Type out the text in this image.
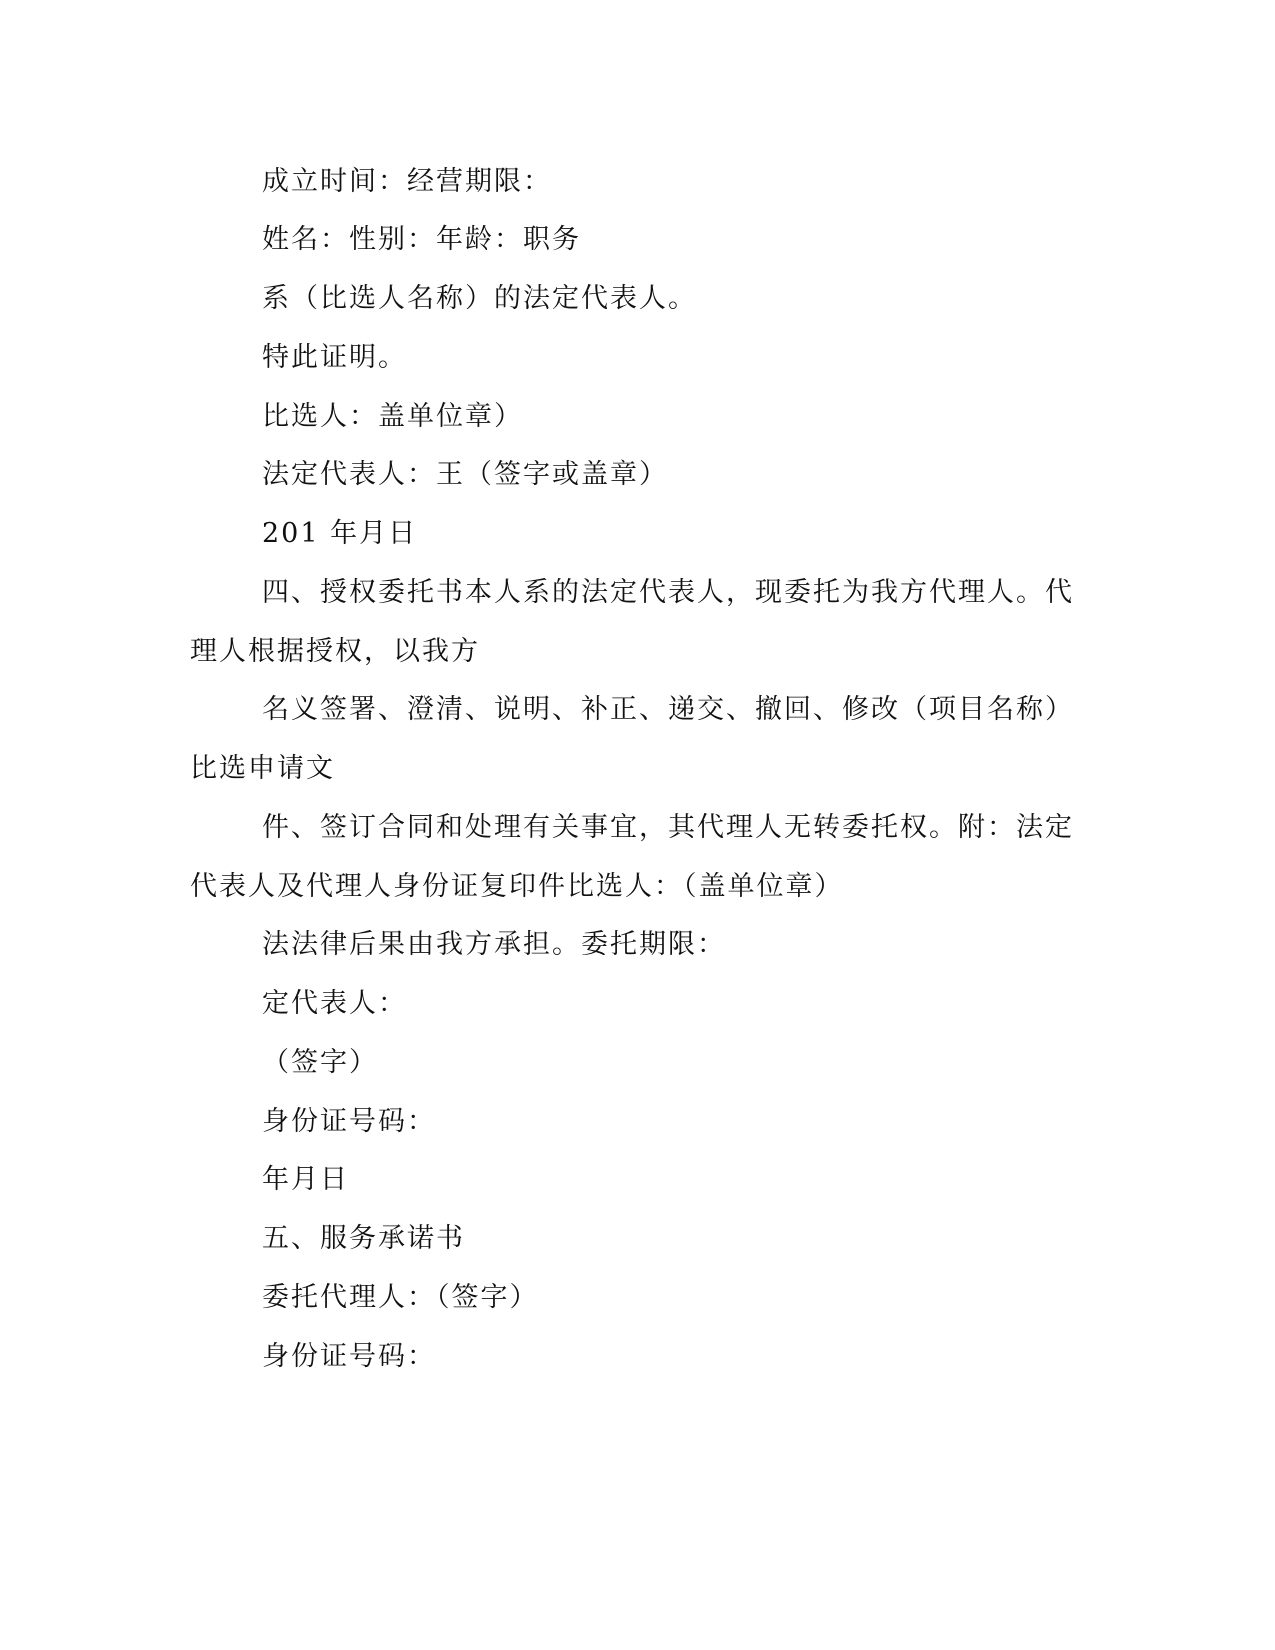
成立时间：经营期限：
姓名：性别：年龄：职务
系（比选人名称）的法定代表人。
特此证明。
比选人：盖单位章）
法定代表人：王（签字或盖章）
201 年月日
四、授权委托书本人系的法定代表人，现委托为我方代理人。代
理人根据授权，以我方
名义签署、澄清、说明、补正、递交、撤回、修改（项目名称）
比选申请文
件、签订合同和处理有关事宜，其代理人无转委托权。附：法定
代表人及代理人身份证复印件比选人：（盖单位章）
法法律后果由我方承担。委托期限：
定代表人：
（签字）
身份证号码：
年月日
五、服务承诺书
委托代理人：（签字）
身份证号码：
